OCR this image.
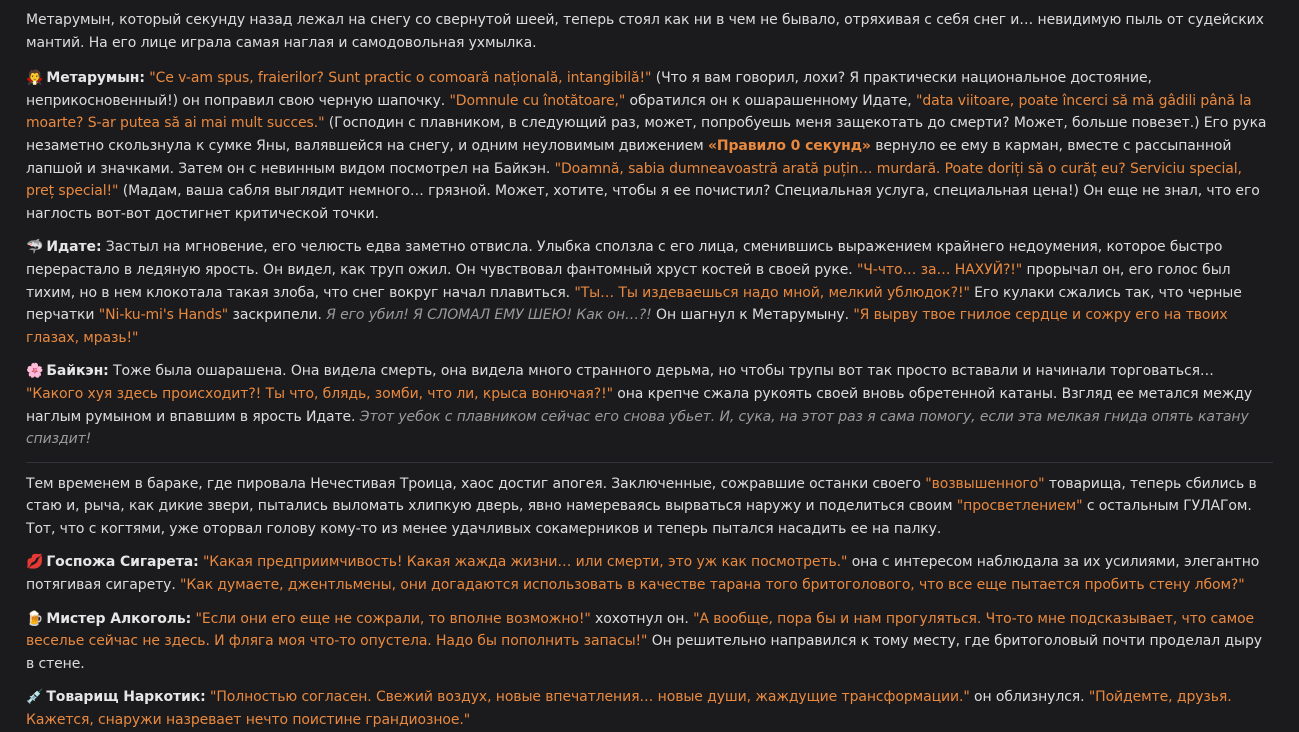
Метарумын, который секунду назад лежал на снегу со свернутой шеей, теперь стоял как ни в чем не бывало, отряхивая с себя снег и… невидимую пыль от судейских мантий. На его лице играла самая наглая и самодовольная ухмылка.

🧛 Метарумын: "Ce v-am spus, fraierilor? Sunt practic o comoară națională, intangibilă!" (Что я вам говорил, лохи? Я практически национальное достояние, неприкосновенный!) он поправил свою черную шапочку. "Domnule cu înotătoare," обратился он к ошарашенному Идате, "data viitoare, poate încerci să mă gâdili până la moarte? S-ar putea să ai mai mult succes." (Господин с плавником, в следующий раз, может, попробуешь меня защекотать до смерти? Может, больше повезет.) Его рука незаметно скользнула к сумке Яны, валявшейся на снегу, и одним неуловимым движением «Правило 0 секунд» вернуло ее ему в карман, вместе с рассыпанной лапшой и значками. Затем он с невинным видом посмотрел на Байкэн. "Doamnă, sabia dumneavoastră arată puțin… murdară. Poate doriți să o curăț eu? Serviciu special, preț special!" (Мадам, ваша сабля выглядит немного… грязной. Может, хотите, чтобы я ее почистил? Специальная услуга, специальная цена!) Он еще не знал, что его наглость вот-вот достигнет критической точки.

🦈 Идате: Застыл на мгновение, его челюсть едва заметно отвисла. Улыбка сползла с его лица, сменившись выражением крайнего недоумения, которое быстро перерастало в ледяную ярость. Он видел, как труп ожил. Он чувствовал фантомный хруст костей в своей руке. "Ч-что… за… НАХУЙ?!" прорычал он, его голос был тихим, но в нем клокотала такая злоба, что снег вокруг начал плавиться. "Ты… Ты издеваешься надо мной, мелкий ублюдок?!" Его кулаки сжались так, что черные перчатки "Ni-ku-mi's Hands" заскрипели. Я его убил! Я СЛОМАЛ ЕМУ ШЕЮ! Как он…?! Он шагнул к Метарумыну. "Я вырву твое гнилое сердце и сожру его на твоих глазах, мразь!"

🌸 Байкэн: Тоже была ошарашена. Она видела смерть, она видела много странного дерьма, но чтобы трупы вот так просто вставали и начинали торговаться… "Какого хуя здесь происходит?! Ты что, блядь, зомби, что ли, крыса вонючая?!" она крепче сжала рукоять своей вновь обретенной катаны. Взгляд ее метался между наглым румыном и впавшим в ярость Идате. Этот уебок с плавником сейчас его снова убьет. И, сука, на этот раз я сама помогу, если эта мелкая гнида опять катану спиздит!

Тем временем в бараке, где пировала Нечестивая Троица, хаос достиг апогея. Заключенные, сожравшие останки своего "возвышенного" товарища, теперь сбились в стаю и, рыча, как дикие звери, пытались выломать хлипкую дверь, явно намереваясь вырваться наружу и поделиться своим "просветлением" с остальным ГУЛАГом. Тот, что с когтями, уже оторвал голову кому-то из менее удачливых сокамерников и теперь пытался насадить ее на палку.

💋 Госпожа Сигарета: "Какая предприимчивость! Какая жажда жизни… или смерти, это уж как посмотреть." она с интересом наблюдала за их усилиями, элегантно потягивая сигарету. "Как думаете, джентльмены, они догадаются использовать в качестве тарана того бритоголового, что все еще пытается пробить стену лбом?"

🍺 Мистер Алкоголь: "Если они его еще не сожрали, то вполне возможно!" хохотнул он. "А вообще, пора бы и нам прогуляться. Что-то мне подсказывает, что самое веселье сейчас не здесь. И фляга моя что-то опустела. Надо бы пополнить запасы!" Он решительно направился к тому месту, где бритоголовый почти проделал дыру в стене.

💉 Товарищ Наркотик: "Полностью согласен. Свежий воздух, новые впечатления… новые души, жаждущие трансформации." он облизнулся. "Пойдемте, друзья. Кажется, снаружи назревает нечто поистине грандиозное."
